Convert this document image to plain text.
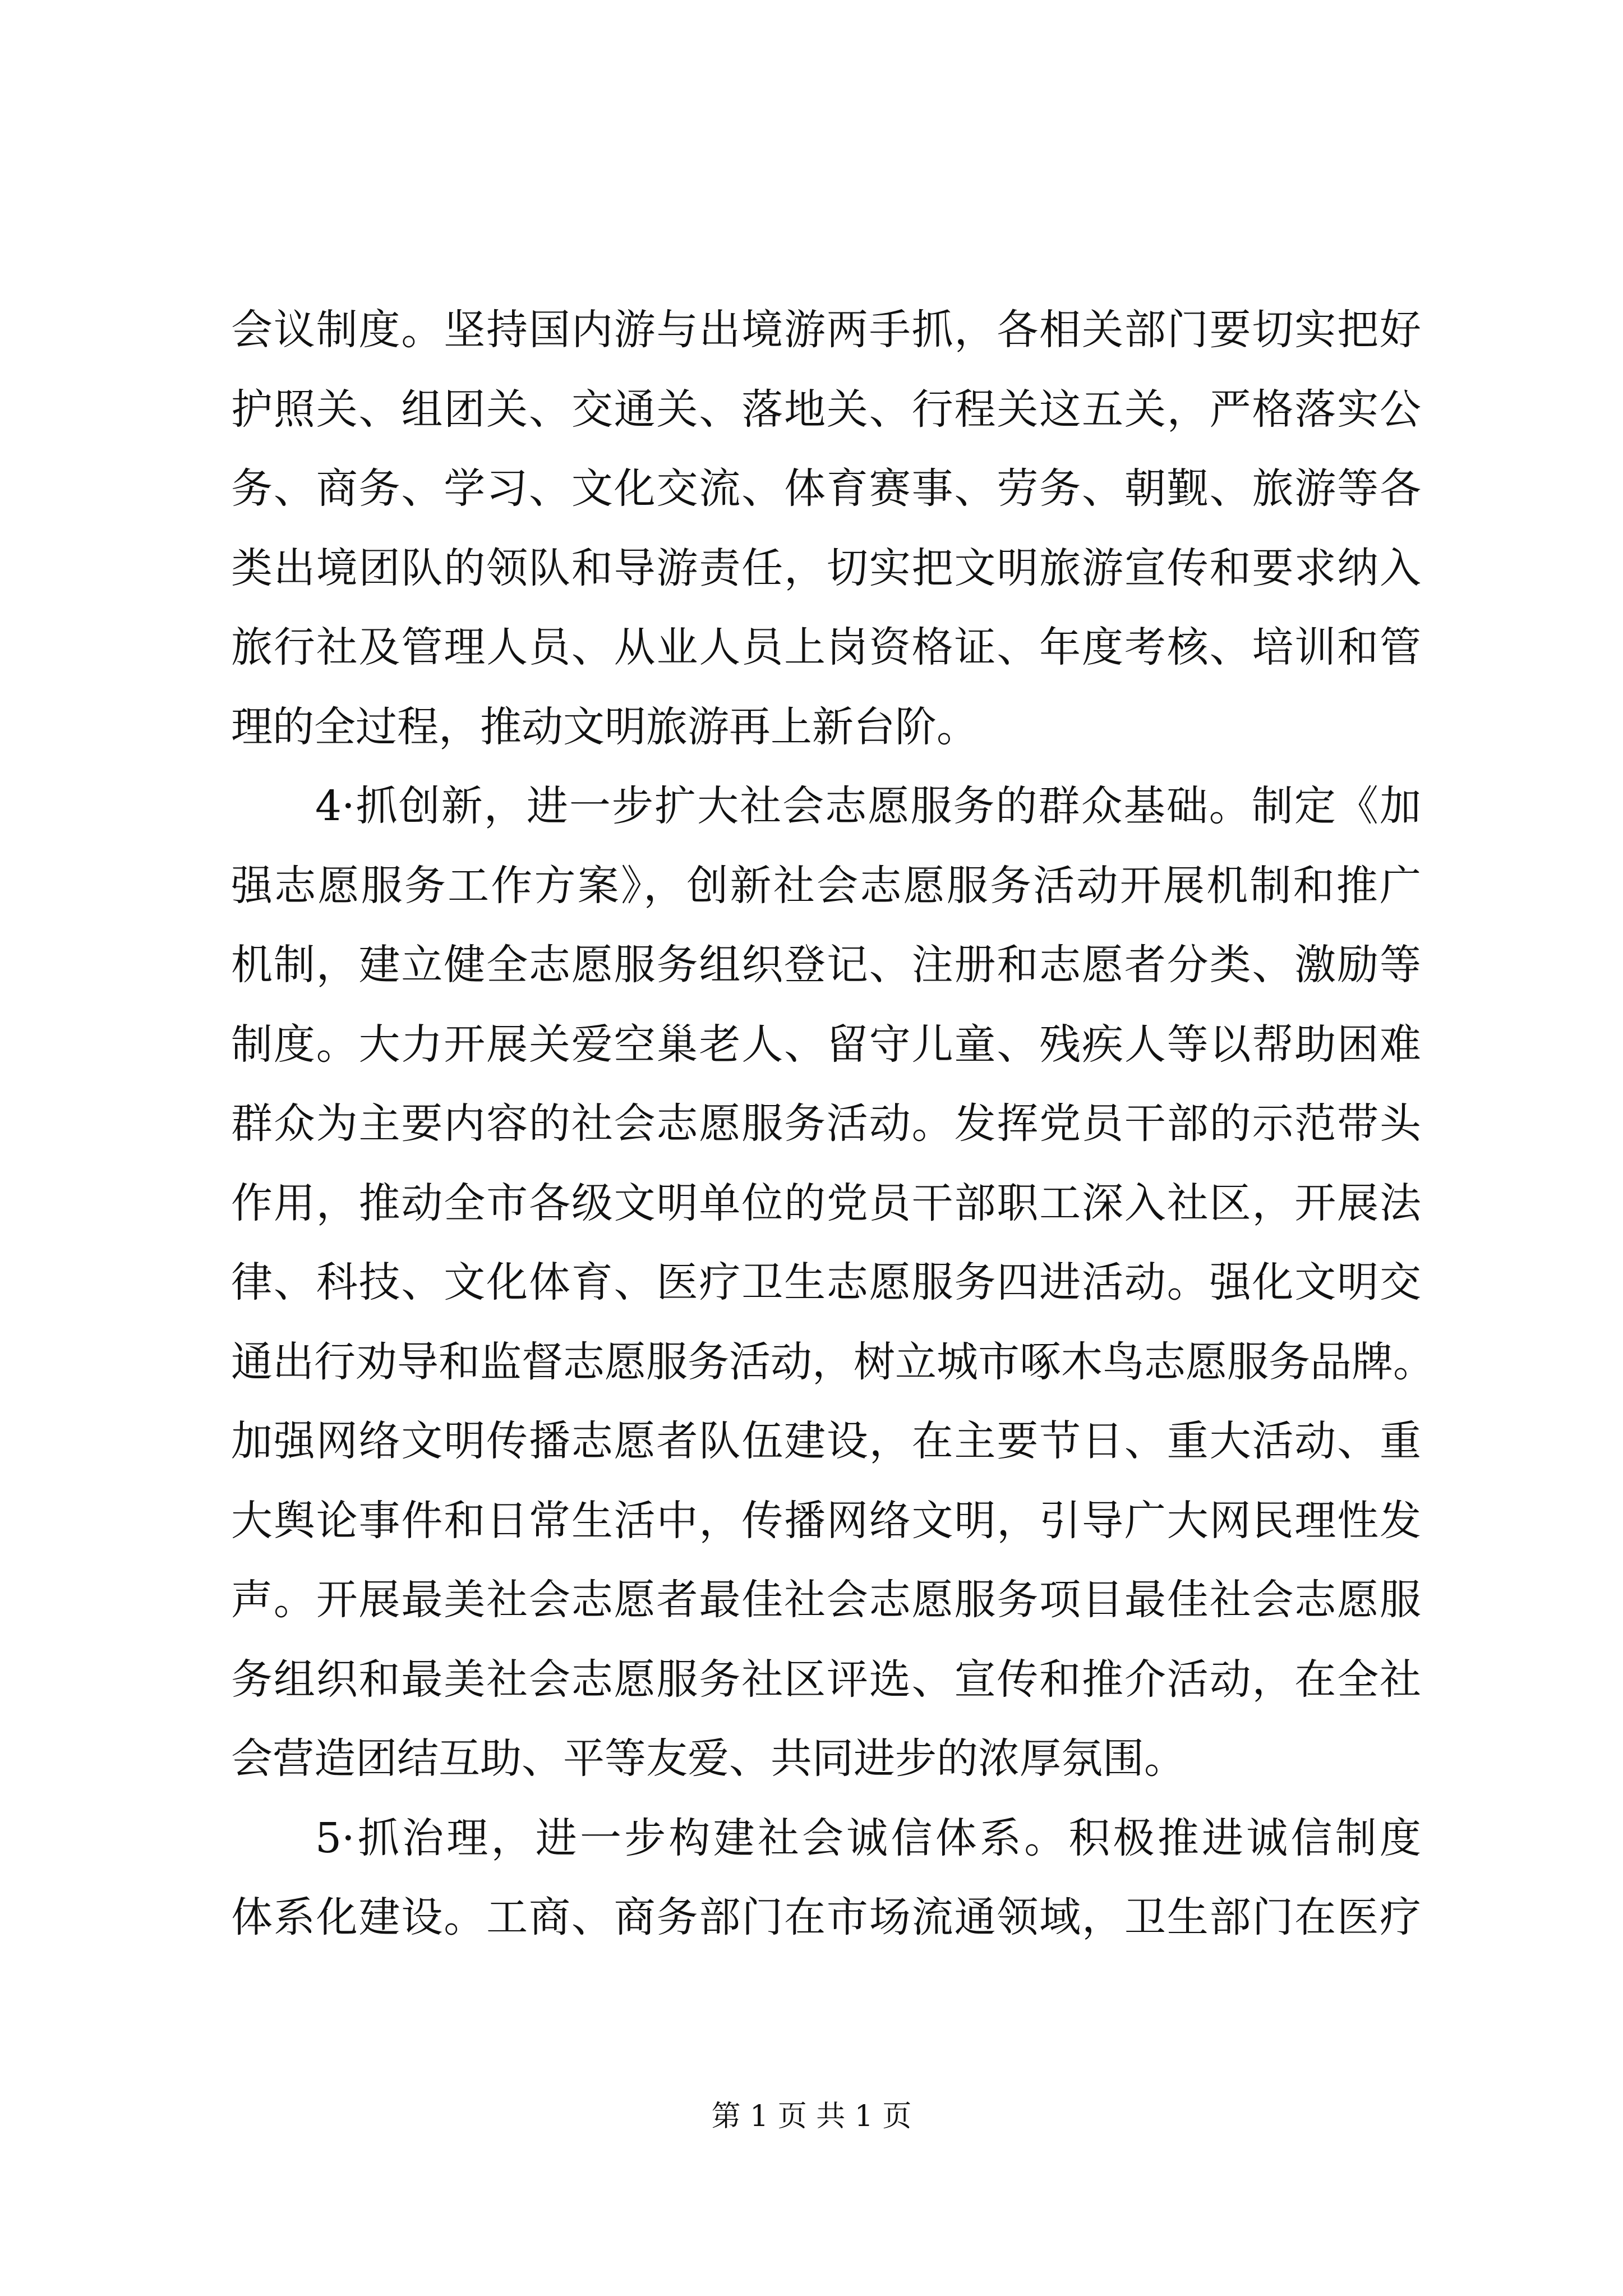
会议制度。坚持国内游与出境游两手抓，各相关部门要切实把好
护照关、组团关、交通关、落地关、行程关这五关，严格落实公
务、商务、学习、文化交流、体育赛事、劳务、朝觐、旅游等各
类出境团队的领队和导游责任，切实把文明旅游宣传和要求纳入
旅行社及管理人员、从业人员上岗资格证、年度考核、培训和管
理的全过程，推动文明旅游再上新台阶。
4·抓创新，进一步扩大社会志愿服务的群众基础。制定《加
强志愿服务工作方案》，创新社会志愿服务活动开展机制和推广
机制，建立健全志愿服务组织登记、注册和志愿者分类、激励等
制度。大力开展关爱空巢老人、留守儿童、残疾人等以帮助困难
群众为主要内容的社会志愿服务活动。发挥党员干部的示范带头
作用，推动全市各级文明单位的党员干部职工深入社区，开展法
律、科技、文化体育、医疗卫生志愿服务四进活动。强化文明交
通出行劝导和监督志愿服务活动，树立城市啄木鸟志愿服务品牌。
加强网络文明传播志愿者队伍建设，在主要节日、重大活动、重
大舆论事件和日常生活中，传播网络文明，引导广大网民理性发
声。开展最美社会志愿者最佳社会志愿服务项目最佳社会志愿服
务组织和最美社会志愿服务社区评选、宣传和推介活动，在全社
会营造团结互助、平等友爱、共同进步的浓厚氛围。
5·抓治理，进一步构建社会诚信体系。积极推进诚信制度
体系化建设。工商、商务部门在市场流通领域，卫生部门在医疗
第 1 页 共 1 页
